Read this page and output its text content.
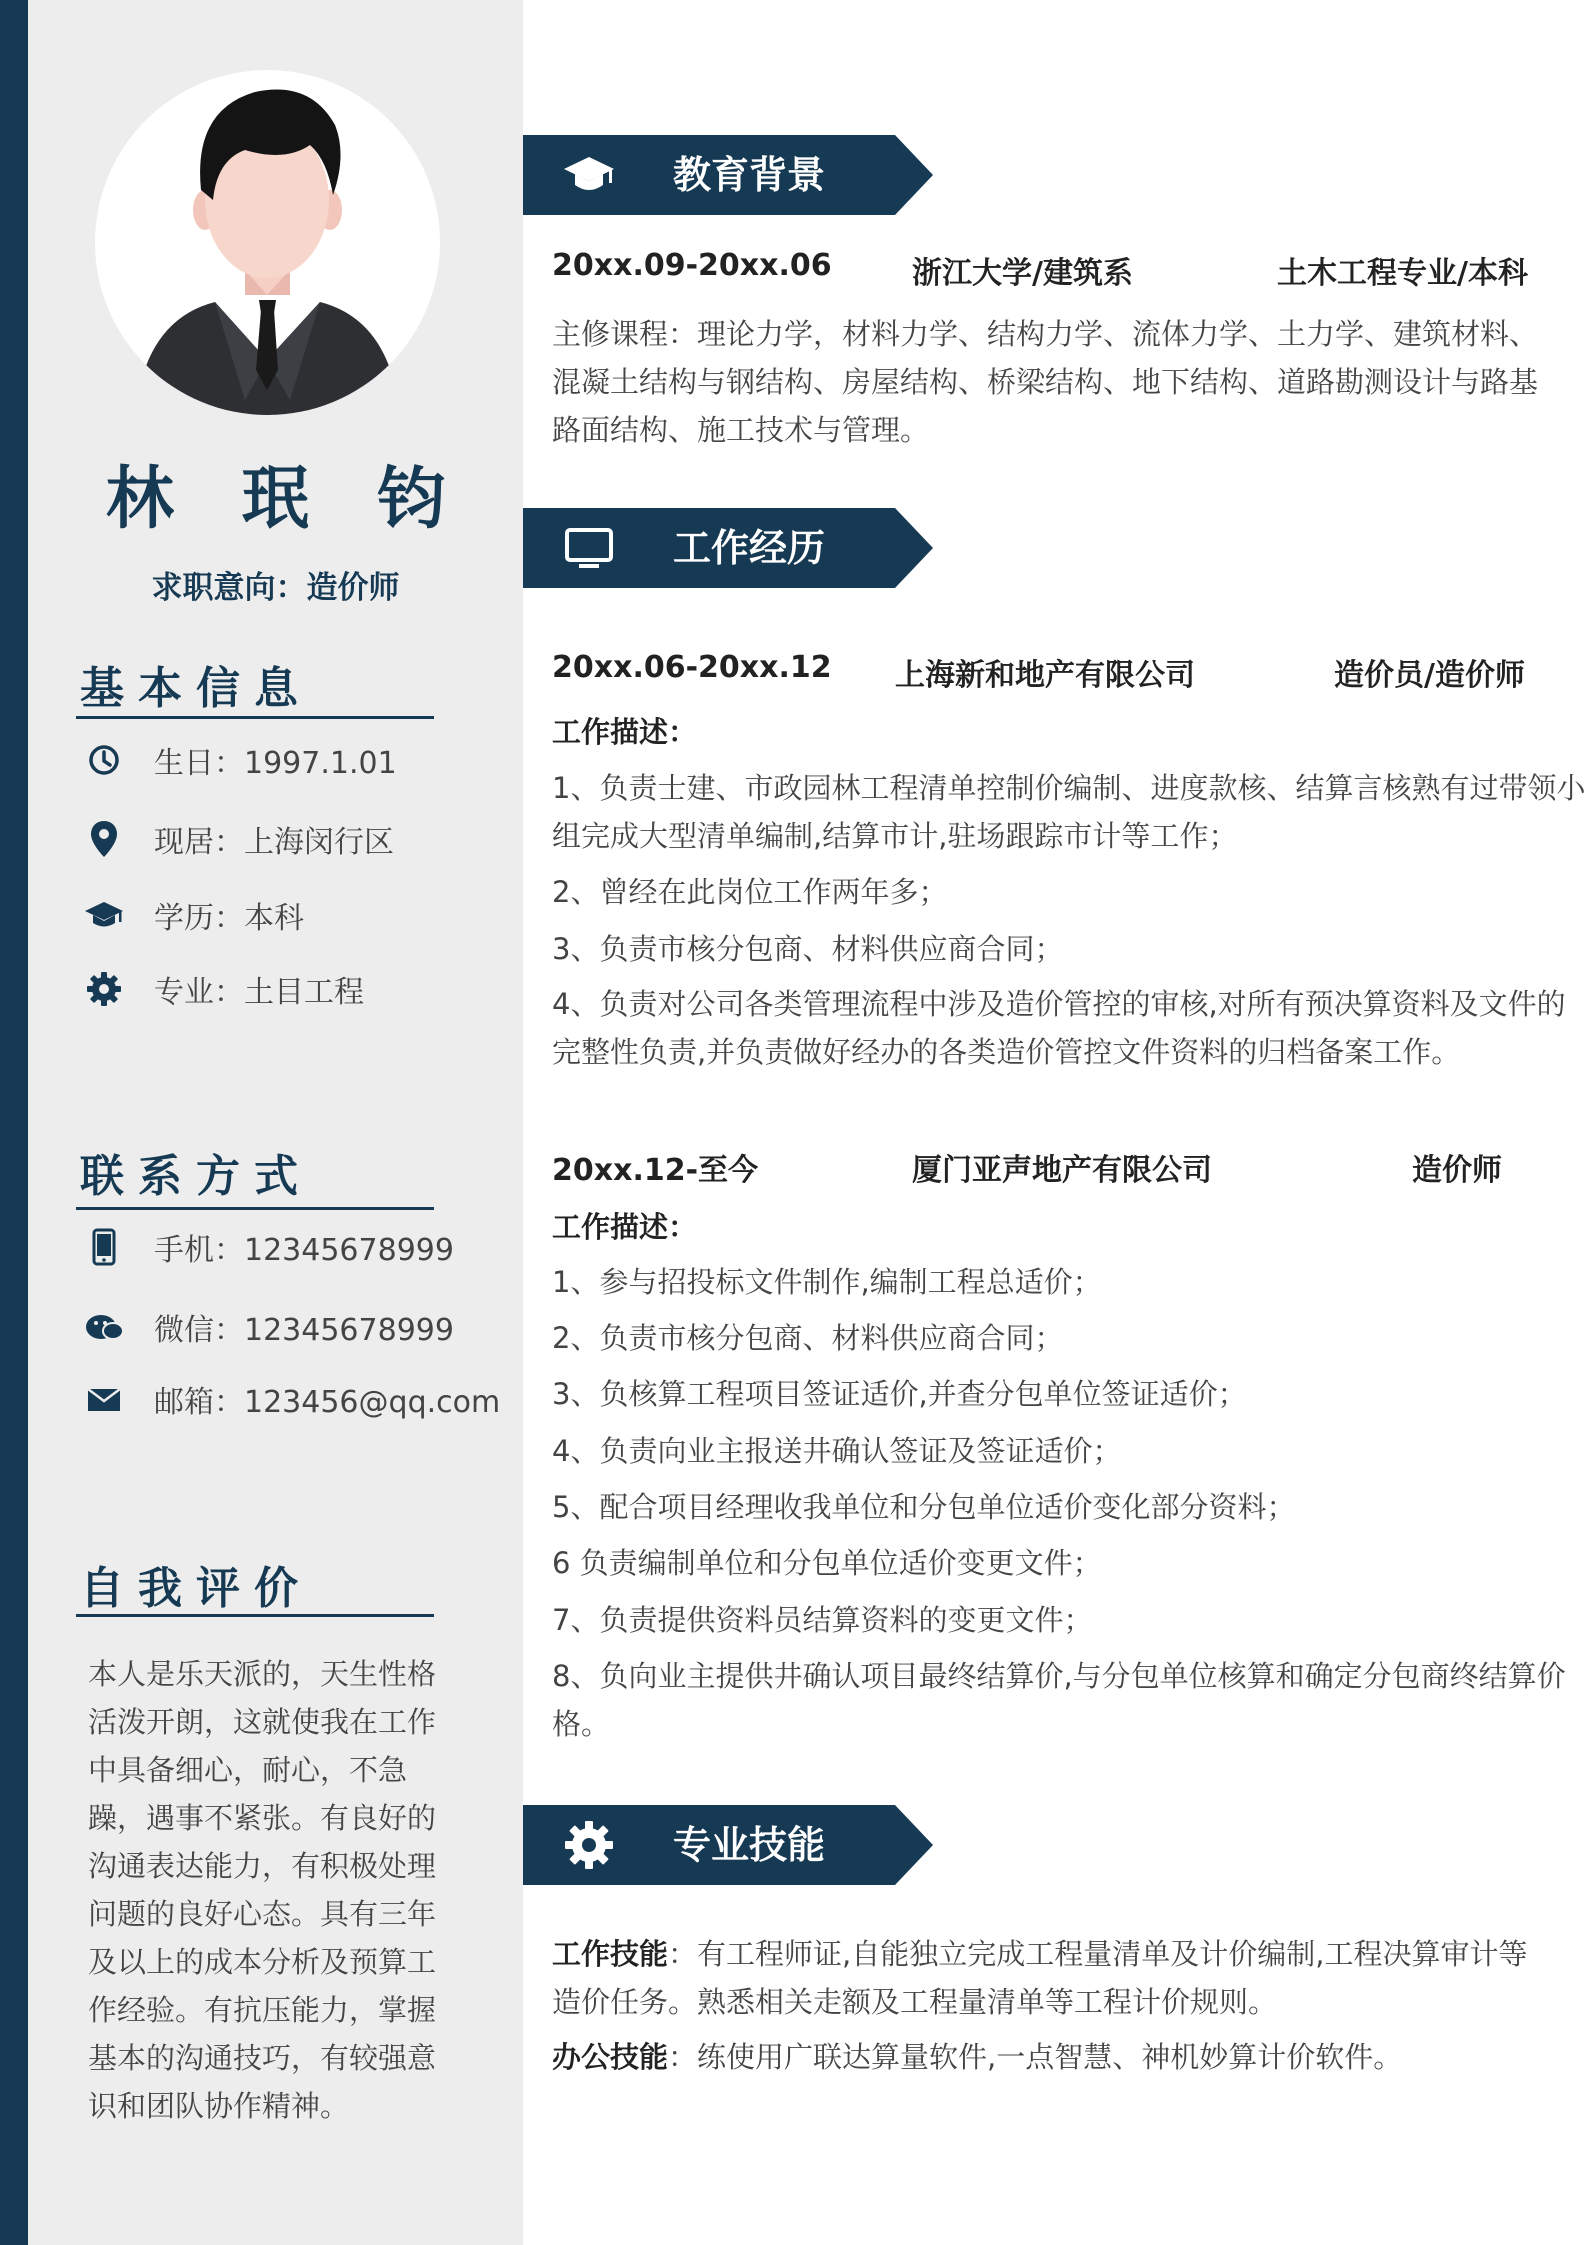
林 珉 钧
求职意向：造价师
基本信息
生日：1997.1.01
现居：上海闵行区
学历：本科
专业：土目工程
联系方式
手机：12345678999
微信：12345678999
邮箱：123456@qq.com
自我评价
本人是乐天派的，天生性格活泼开朗，这就使我在工作中具备细心，耐心，不急躁，遇事不紧张。有良好的沟通表达能力，有积极处理问题的良好心态。具有三年及以上的成本分析及预算工作经验。有抗压能力，掌握基本的沟通技巧，有较强意识和团队协作精神。
教育背景
20xx.09-20xx.06	浙江大学/建筑系	土木工程专业/本科
主修课程：理论力学，材料力学、结构力学、流体力学、土力学、建筑材料、混凝土结构与钢结构、房屋结构、桥梁结构、地下结构、道路勘测设计与路基路面结构、施工技术与管理。
工作经历
20xx.06-20xx.12 上海新和地产有限公司	造价员/造价师
工作描述：
1、负责士建、市政园林工程清单控制价编制、进度款核、结算言核熟有过带领小
组完成大型清单编制,结算市计,驻场跟踪市计等工作；
2、曾经在此岗位工作两年多；
3、负责市核分包商、材料供应商合同；
4、负责对公司各类管理流程中涉及造价管控的审核,对所有预决算资料及文件的
完整性负责,并负责做好经办的各类造价管控文件资料的归档备案工作。
20xx.12-至今	厦门亚声地产有限公司	造价师
工作描述：
1、参与招投标文件制作,编制工程总适价；
2、负责市核分包商、材料供应商合同；
3、负核算工程项目签证适价,并查分包单位签证适价；
4、负责向业主报送井确认签证及签证适价；
5、配合项目经理收我单位和分包单位适价变化部分资料；
6 负责编制单位和分包单位适价变更文件；
7、负责提供资料员结算资料的变更文件；
8、负向业主提供井确认项目最终结算价,与分包单位核算和确定分包商终结算价
格。
专业技能
工作技能：有工程师证,自能独立完成工程量清单及计价编制,工程决算审计等造价任务。熟悉相关走额及工程量清单等工程计价规则。
办公技能：练使用广联达算量软件,一点智慧、神机妙算计价软件。
